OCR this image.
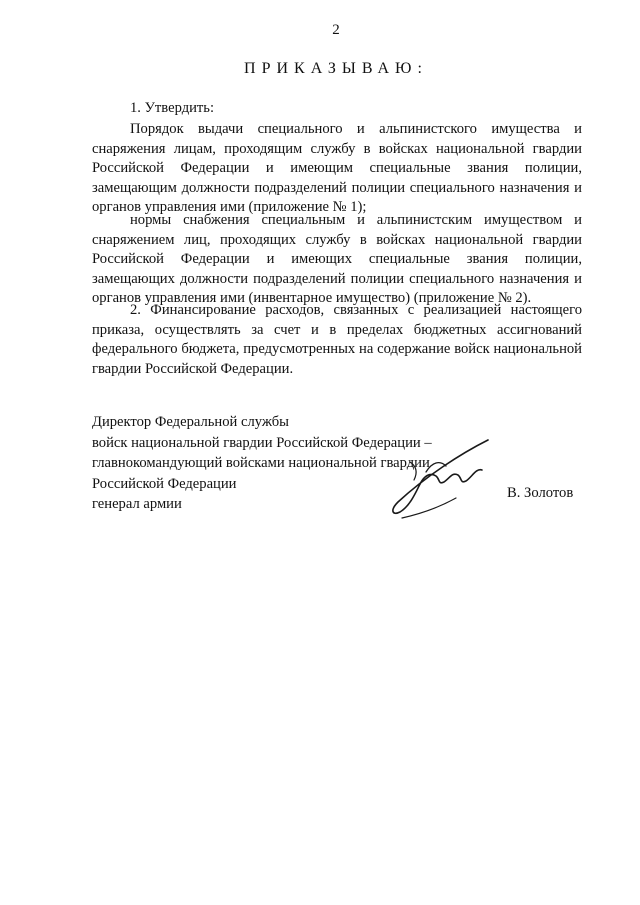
2
ПРИКАЗЫВАЮ:

1. Утвердить:

Порядок выдачи специального и альпинистского имущества и снаряжения лицам, проходящим службу в войсках национальной гвардии Российской Федерации и имеющим специальные звания полиции, замещающим должности подразделений полиции специального назначения и органов управления ими (приложение № 1);

нормы снабжения специальным и альпинистским имуществом и снаряжением лиц, проходящих службу в войсках национальной гвардии Российской Федерации и имеющих специальные звания полиции, замещающих должности подразделений полиции специального назначения и органов управления ими (инвентарное имущество) (приложение № 2).

2. Финансирование расходов, связанных с реализацией настоящего приказа, осуществлять за счет и в пределах бюджетных ассигнований федерального бюджета, предусмотренных на содержание войск национальной гвардии Российской Федерации.

Директор Федеральной службы
войск национальной гвардии Российской Федерации –
главнокомандующий войсками национальной гвардии
Российской Федерации
генерал армии
В. Золотов
